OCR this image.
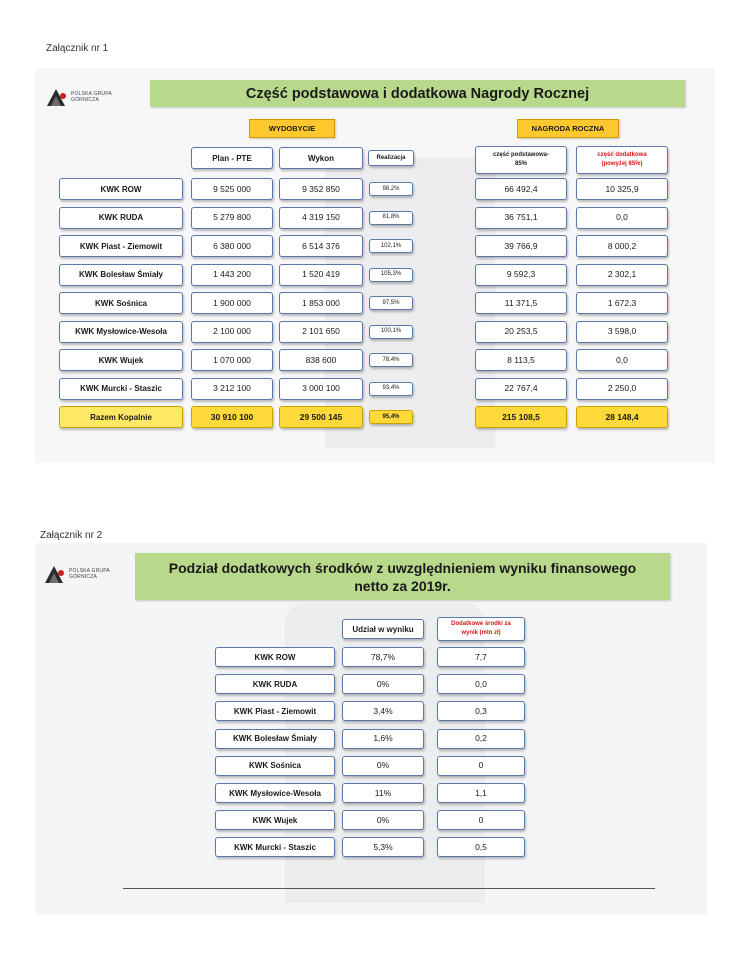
Załącznik nr 1
POLSKA GRUPA
GÓRNICZA	Część podstawowa i dodatkowa Nagrody Rocznej
WYDOBYCIE	NAGRODA ROCZNA
Plan - PTE	Wykon	Realizacja	część podstawowa-
85%
część dodatkowa
(powyżej 85%)
KWK ROW	9 525 000	9 352 850	98,2%	66 492,4	10 325,9
KWK RUDA	5 279 800	4 319 150	81,8%	36 751,1	0,0
KWK Piast - Ziemowit	6 380 000	6 514 376	102,1%	39 766,9	8 000,2
KWK Bolesław Śmiały	1 443 200	1 520 419	105,3%	9 592,3	2 302,1
KWK Sośnica	1 900 000	1 853 000	97,5%	11 371,5	1 672,3
KWK Mysłowice-Wesoła	2 100 000	2 101 650	100,1%	20 253,5	3 598,0
KWK Wujek	1 070 000	838 600	78,4%	8 113,5	0,0
KWK Murcki - Staszic	3 212 100	3 000 100	93,4%	22 767,4	2 250,0
Razem Kopalnie	30 910 100	29 500 145	95,4%	215 108,5	28 148,4
Załącznik nr 2
POLSKA GRUPA
GÓRNICZA
Podział dodatkowych środków z uwzględnieniem wyniku finansowego
netto za 2019r.
Udział w wyniku
Dodatkowe środki za
wynik (mln zł)
KWK ROW	78,7%	7,7
KWK RUDA	0%	0,0
KWK Piast - Ziemowit	3,4%	0,3
KWK Bolesław Śmiały	1,6%	0,2
KWK Sośnica	0%	0
KWK Mysłowice-Wesoła	11%	1,1
KWK Wujek	0%	0
KWK Murcki - Staszic	5,3%	0,5
